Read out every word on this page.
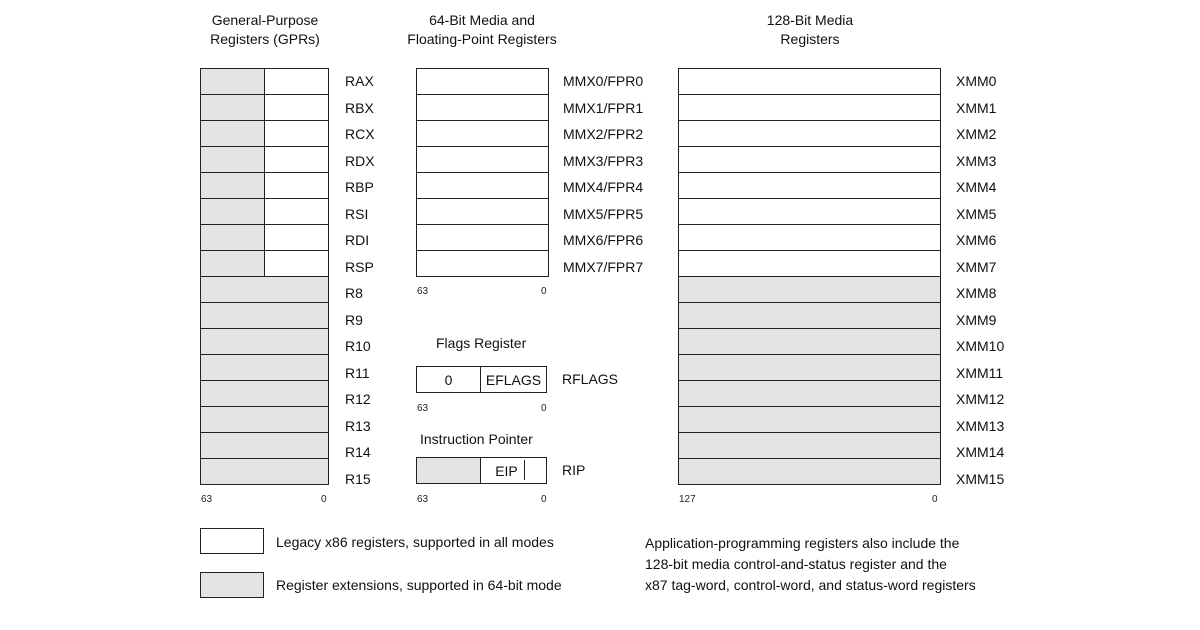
General-Purpose
Registers (GPRs)
64-Bit Media and
Floating-Point Registers
128-Bit Media
Registers
RAX
RBX
RCX
RDX
RBP
RSI
RDI
RSP
R8
R9
R10
R11
R12
R13
R14
R15
63	0
MMX0/FPR0
MMX1/FPR1
MMX2/FPR2
MMX3/FPR3
MMX4/FPR4
MMX5/FPR5
MMX6/FPR6
MMX7/FPR7
63	0
Flags Register
0 EFLAGS RFLAGS
63	0
Instruction Pointer
EIP	RIP
63	0
XMM0
XMM1
XMM2
XMM3
XMM4
XMM5
XMM6
XMM7
XMM8
XMM9
XMM10
XMM11
XMM12
XMM13
XMM14
XMM15
127	0
Legacy x86 registers, supported in all modes
Register extensions, supported in 64-bit mode
Application-programming registers also include the
128-bit media control-and-status register and the
x87 tag-word, control-word, and status-word registers
